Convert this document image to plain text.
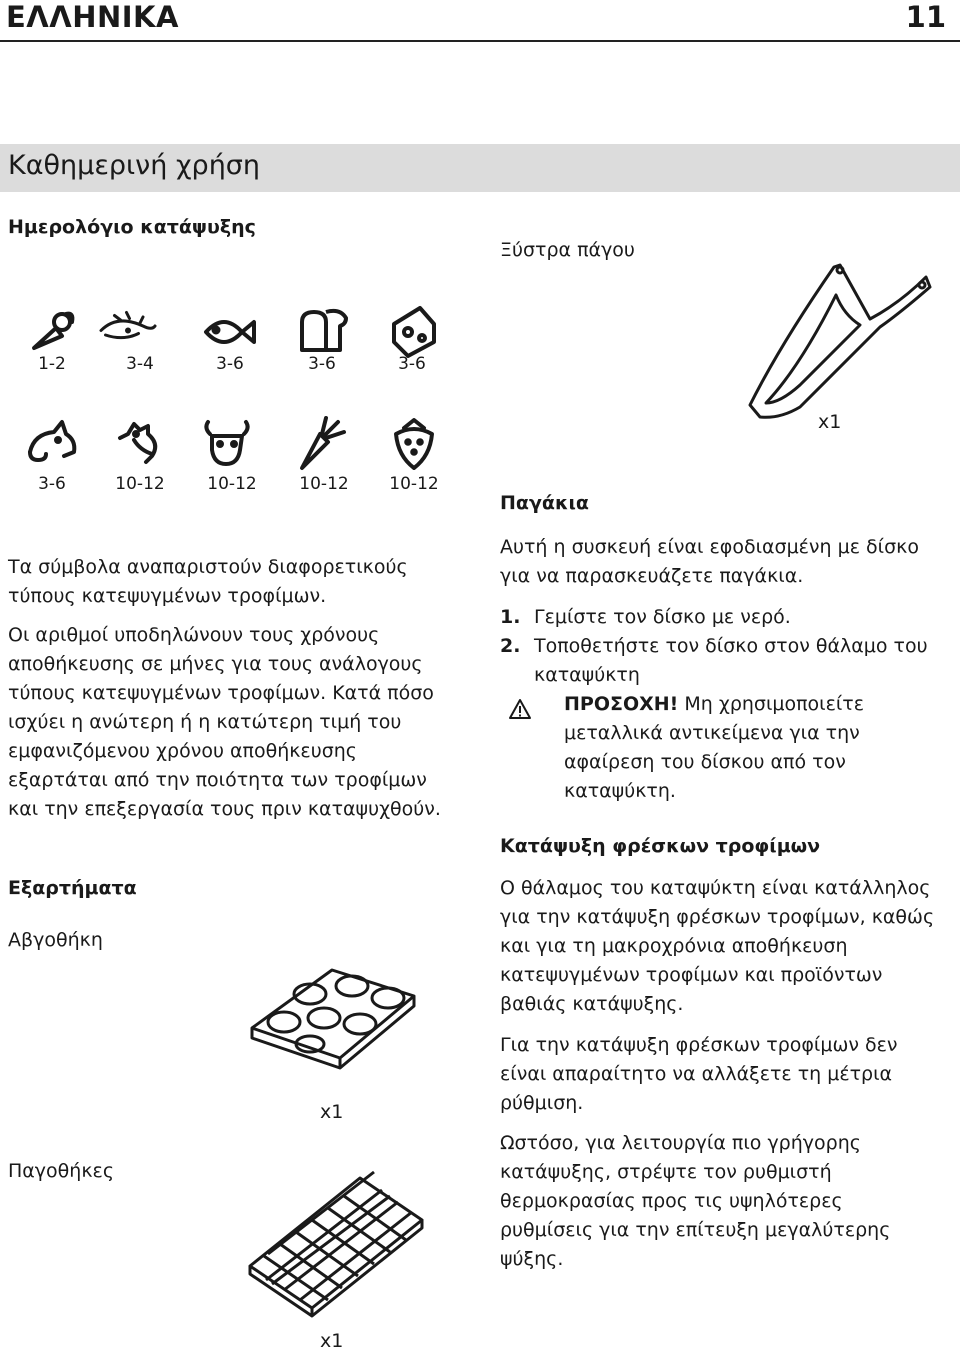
ΕΛΛΗΝΙΚΑ	11
Καθημερινή χρήση
Ημερολόγιο κατάψυξης
1-2	3-4	3-6	3-6	3-6
3-6	10-12	10-12	10-12	10-12
Τα σύμβολα αναπαριστούν διαφορετικούς τύπους κατεψυγμένων τροφίμων.
Οι αριθμοί υποδηλώνουν τους χρόνους αποθήκευσης σε μήνες για τους ανάλογους τύπους κατεψυγμένων τροφίμων. Κατά πόσο ισχύει η ανώτερη ή η κατώτερη τιμή του εμφανιζόμενου χρόνου αποθήκευσης εξαρτάται από την ποιότητα των τροφίμων και την επεξεργασία τους πριν καταψυχθούν.
Εξαρτήματα
Αβγοθήκη
x1
Παγοθήκες
x1
Ξύστρα πάγου
x1
Παγάκια
Αυτή η συσκευή είναι εφοδιασμένη με δίσκο για να παρασκευάζετε παγάκια.
1. Γεμίστε τον δίσκο με νερό.
2. Τοποθετήστε τον δίσκο στον θάλαμο του καταψύκτη
ΠΡΟΣΟΧΗ! Μη χρησιμοποιείτε μεταλλικά αντικείμενα για την αφαίρεση του δίσκου από τον καταψύκτη.
Κατάψυξη φρέσκων τροφίμων
Ο θάλαμος του καταψύκτη είναι κατάλληλος για την κατάψυξη φρέσκων τροφίμων, καθώς και για τη μακροχρόνια αποθήκευση κατεψυγμένων τροφίμων και προϊόντων βαθιάς κατάψυξης.
Για την κατάψυξη φρέσκων τροφίμων δεν είναι απαραίτητο να αλλάξετε τη μέτρια ρύθμιση.
Ωστόσο, για λειτουργία πιο γρήγορης κατάψυξης, στρέψτε τον ρυθμιστή θερμοκρασίας προς τις υψηλότερες ρυθμίσεις για την επίτευξη μεγαλύτερης ψύξης.
